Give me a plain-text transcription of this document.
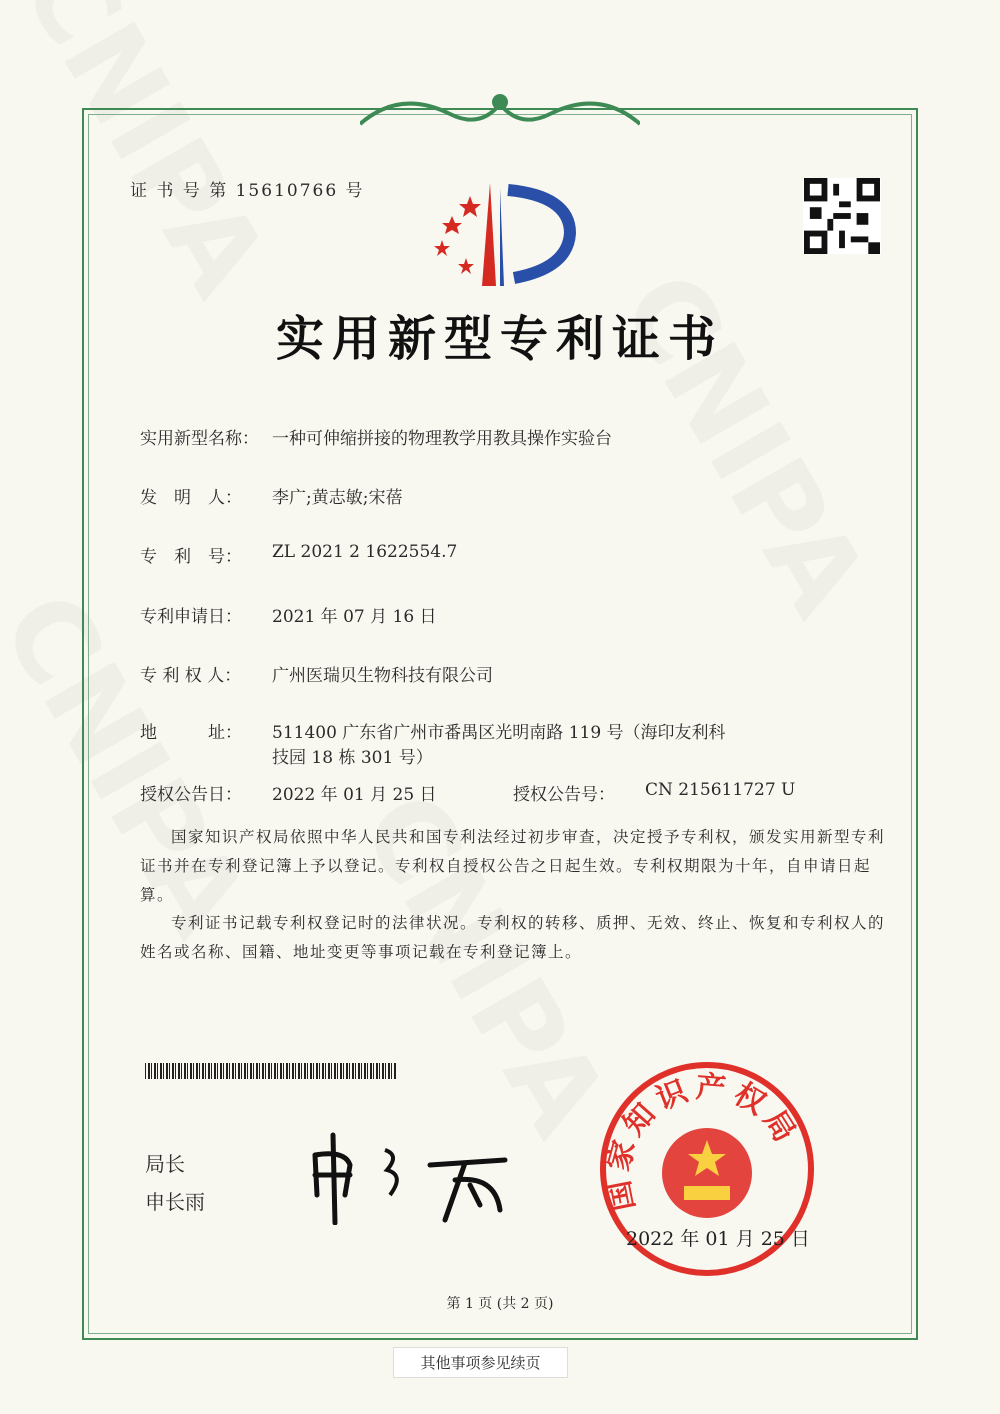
证 书 号 第 15610766 号
实用新型专利证书
实用新型名称： 一种可伸缩拼接的物理教学用教具操作实验台
发　明　人：	李广;黄志敏;宋蓓
专　利　号：	ZL 2021 2 1622554.7
专利申请日：	2021 年 07 月 16 日
专 利 权 人：	广州医瑞贝生物科技有限公司
地　　　址：	511400 广东省广州市番禺区光明南路 119 号（海印友利科
技园 18 栋 301 号）
授权公告日：	2022 年 01 月 25 日	授权公告号：	CN 215611727 U
国家知识产权局依照中华人民共和国专利法经过初步审查，决定授予专利权，颁发实用新型专利证书并在专利登记簿上予以登记。专利权自授权公告之日起生效。专利权期限为十年，自申请日起算。
专利证书记载专利权登记时的法律状况。专利权的转移、质押、无效、终止、恢复和专利权人的姓名或名称、国籍、地址变更等事项记载在专利登记簿上。
局长
申长雨
知识产权局
2022 年 01 月 25 日
第 1 页 (共 2 页)
其他事项参见续页
